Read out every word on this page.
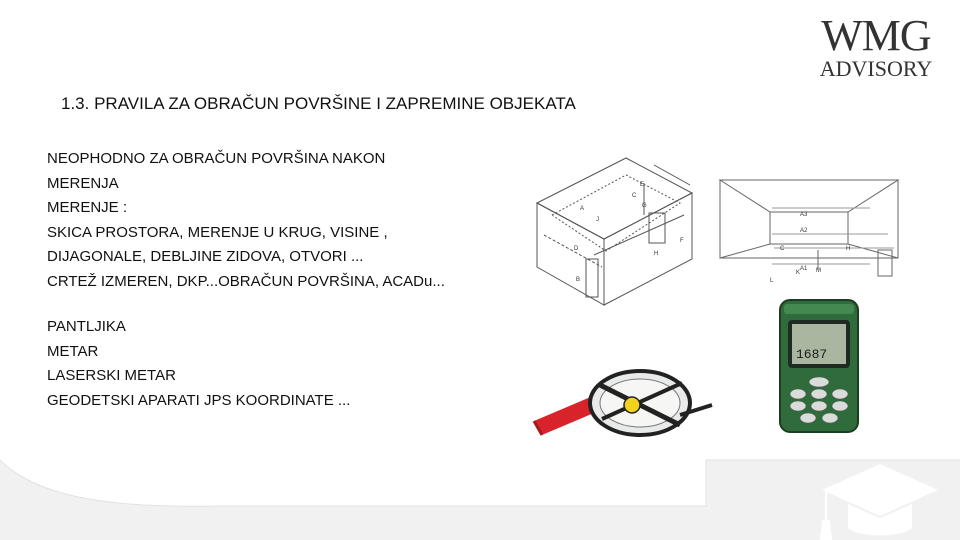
WMG
ADVISORY
1.3. PRAVILA ZA OBRAČUN POVRŠINE I ZAPREMINE OBJEKATA
NEOPHODNO ZA OBRAČUN POVRŠINA NAKON
MERENJA
MERENJE :
SKICA PROSTORA, MERENJE U KRUG, VISINE ,
DIJAGONALE, DEBLJINE ZIDOVA, OTVORI ...
CRTEŽ IZMEREN, DKP...OBRAČUN POVRŠINA, ACADu...
PANTLJIKA
METAR
LASERSKI METAR
GEODETSKI APARATI JPS KOORDINATE ...
A
B
C
D
E
F
G
H
J
A1
A2
A3
C	H
K
L
M
1687
